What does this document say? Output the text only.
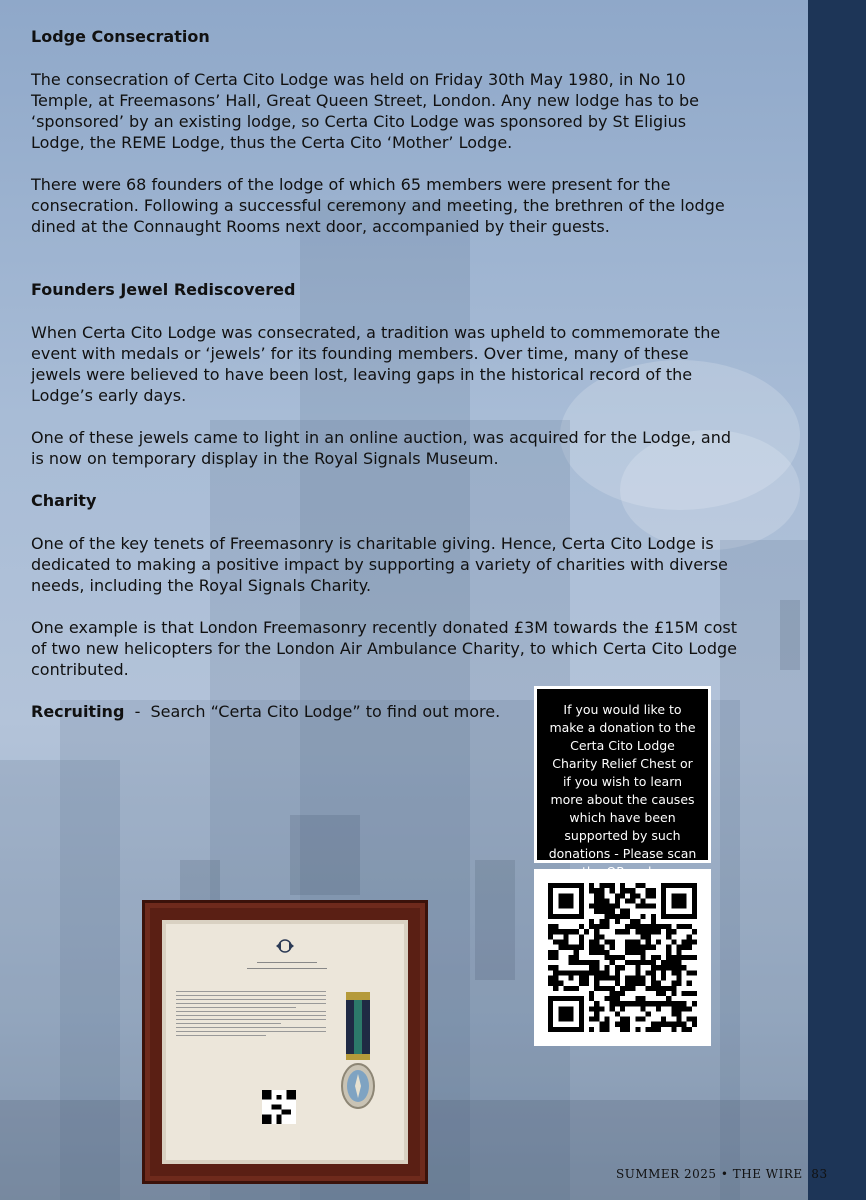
Lodge Consecration

The consecration of Certa Cito Lodge was held on Friday 30th May 1980, in No 10 Temple, at Freemasons’ Hall, Great Queen Street, London. Any new lodge has to be ‘sponsored’ by an existing lodge, so Certa Cito Lodge was sponsored by St Eligius Lodge, the REME Lodge, thus the Certa Cito ‘Mother’ Lodge.

There were 68 founders of the lodge of which 65 members were present for the consecration. Following a successful ceremony and meeting, the brethren of the lodge dined at the Connaught Rooms next door, accompanied by their guests.

Founders Jewel Rediscovered

When Certa Cito Lodge was consecrated, a tradition was upheld to commemorate the event with medals or ‘jewels’ for its founding members. Over time, many of these jewels were believed to have been lost, leaving gaps in the historical record of the Lodge’s early days.

One of these jewels came to light in an online auction, was acquired for the Lodge, and is now on temporary display in the Royal Signals Museum.

Charity

One of the key tenets of Freemasonry is charitable giving. Hence, Certa Cito Lodge is dedicated to making a positive impact by supporting a variety of charities with diverse needs, including the Royal Signals Charity.

One example is that London Freemasonry recently donated £3M towards the £15M cost of two new helicopters for the London Air Ambulance Charity, to which Certa Cito Lodge contributed.

Recruiting  -  Search “Certa Cito Lodge” to find out more.	If you would like to make a donation to the Certa Cito Lodge Charity Relief Chest or if you wish to learn more about the causes which have been supported by such donations - Please scan
SUMMER 2025 • THE WIRE  83
